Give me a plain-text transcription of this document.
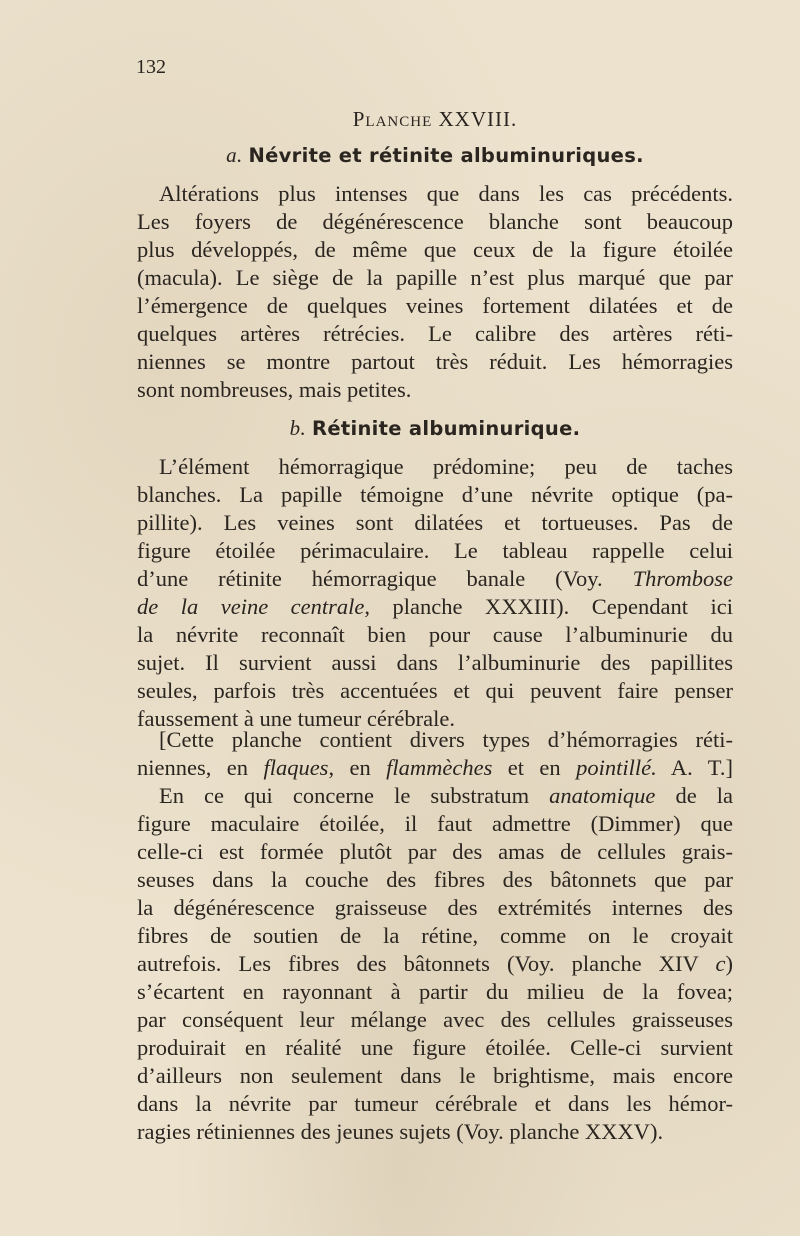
132
Planche XXVIII.
a. Névrite et rétinite albuminuriques.
Altérations plus intenses que dans les cas précédents.
Les foyers de dégénérescence blanche sont beaucoup
plus développés, de même que ceux de la figure étoilée
(macula). Le siège de la papille n’est plus marqué que par
l’émergence de quelques veines fortement dilatées et de
quelques artères rétrécies. Le calibre des artères réti-
niennes se montre partout très réduit. Les hémorragies
sont nombreuses, mais petites.
b. Rétinite albuminurique.
L’élément hémorragique prédomine; peu de taches
blanches. La papille témoigne d’une névrite optique (pa-
pillite). Les veines sont dilatées et tortueuses. Pas de
figure étoilée périmaculaire. Le tableau rappelle celui
d’une rétinite hémorragique banale (Voy. Thrombose
de la veine centrale, planche XXXIII). Cependant ici
la névrite reconnaît bien pour cause l’albuminurie du
sujet. Il survient aussi dans l’albuminurie des papillites
seules, parfois très accentuées et qui peuvent faire penser
faussement à une tumeur cérébrale.
[Cette planche contient divers types d’hémorragies réti-
niennes, en flaques, en flammèches et en pointillé. A. T.]
En ce qui concerne le substratum anatomique de la
figure maculaire étoilée, il faut admettre (Dimmer) que
celle-ci est formée plutôt par des amas de cellules grais-
seuses dans la couche des fibres des bâtonnets que par
la dégénérescence graisseuse des extrémités internes des
fibres de soutien de la rétine, comme on le croyait
autrefois. Les fibres des bâtonnets (Voy. planche XIV c)
s’écartent en rayonnant à partir du milieu de la fovea;
par conséquent leur mélange avec des cellules graisseuses
produirait en réalité une figure étoilée. Celle-ci survient
d’ailleurs non seulement dans le brightisme, mais encore
dans la névrite par tumeur cérébrale et dans les hémor-
ragies rétiniennes des jeunes sujets (Voy. planche XXXV).
